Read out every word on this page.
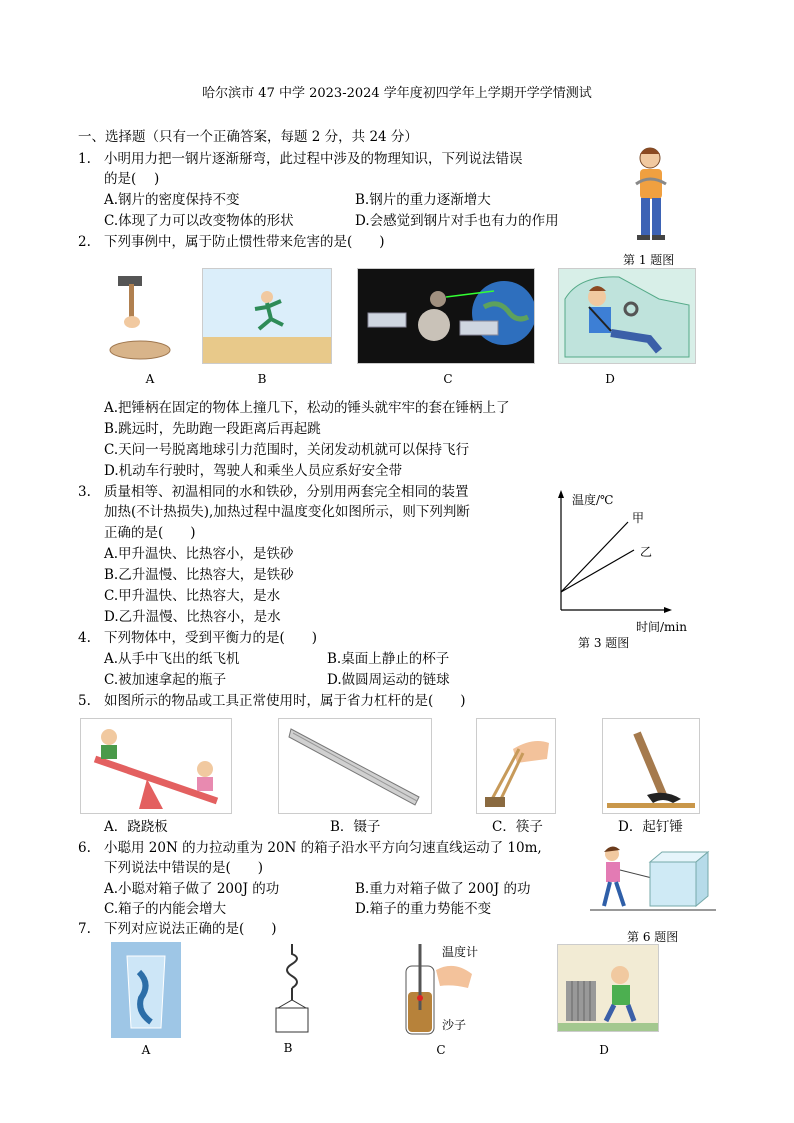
哈尔滨市 47 中学 2023-2024 学年度初四学年上学期开学学情测试
一、选择题（只有一个正确答案，每题 2 分，共 24 分）
1. 小明用力把一钢片逐渐掰弯，此过程中涉及的物理知识，下列说法错误
的是(　 )
A.钢片的密度保持不变	B.钢片的重力逐渐增大
C.体现了力可以改变物体的形状	D.会感觉到钢片对手也有力的作用
第 1 题图
2. 下列事例中，属于防止惯性带来危害的是(　　)
A	B	C	D
A.把锤柄在固定的物体上撞几下，松动的锤头就牢牢的套在锤柄上了
B.跳远时，先助跑一段距离后再起跳
C.天问一号脱离地球引力范围时，关闭发动机就可以保持飞行
D.机动车行驶时，驾驶人和乘坐人员应系好安全带
3. 质量相等、初温相同的水和铁砂，分别用两套完全相同的装置
加热(不计热损失),加热过程中温度变化如图所示，则下列判断
正确的是(　　)
A.甲升温快、比热容小，是铁砂
B.乙升温慢、比热容大，是铁砂
C.甲升温快、比热容大，是水
D.乙升温慢、比热容小，是水
温度/℃
甲
乙
时间/min
第 3 题图
4. 下列物体中，受到平衡力的是(　　)
A.从手中飞出的纸飞机	B.桌面上静止的杯子
C.被加速拿起的瓶子	D.做圆周运动的链球
5. 如图所示的物品或工具正常使用时，属于省力杠杆的是(　　)
A．跷跷板	B．镊子	C．筷子	D．起钉锤
6. 小聪用 20N 的力拉动重为 20N 的箱子沿水平方向匀速直线运动了 10m,
下列说法中错误的是(　　)
A.小聪对箱子做了 200J 的功	B.重力对箱子做了 200J 的功
C.箱子的内能会增大	D.箱子的重力势能不变
第 6 题图
7. 下列对应说法正确的是(　　)
温度计
沙子
A	B	C	D
